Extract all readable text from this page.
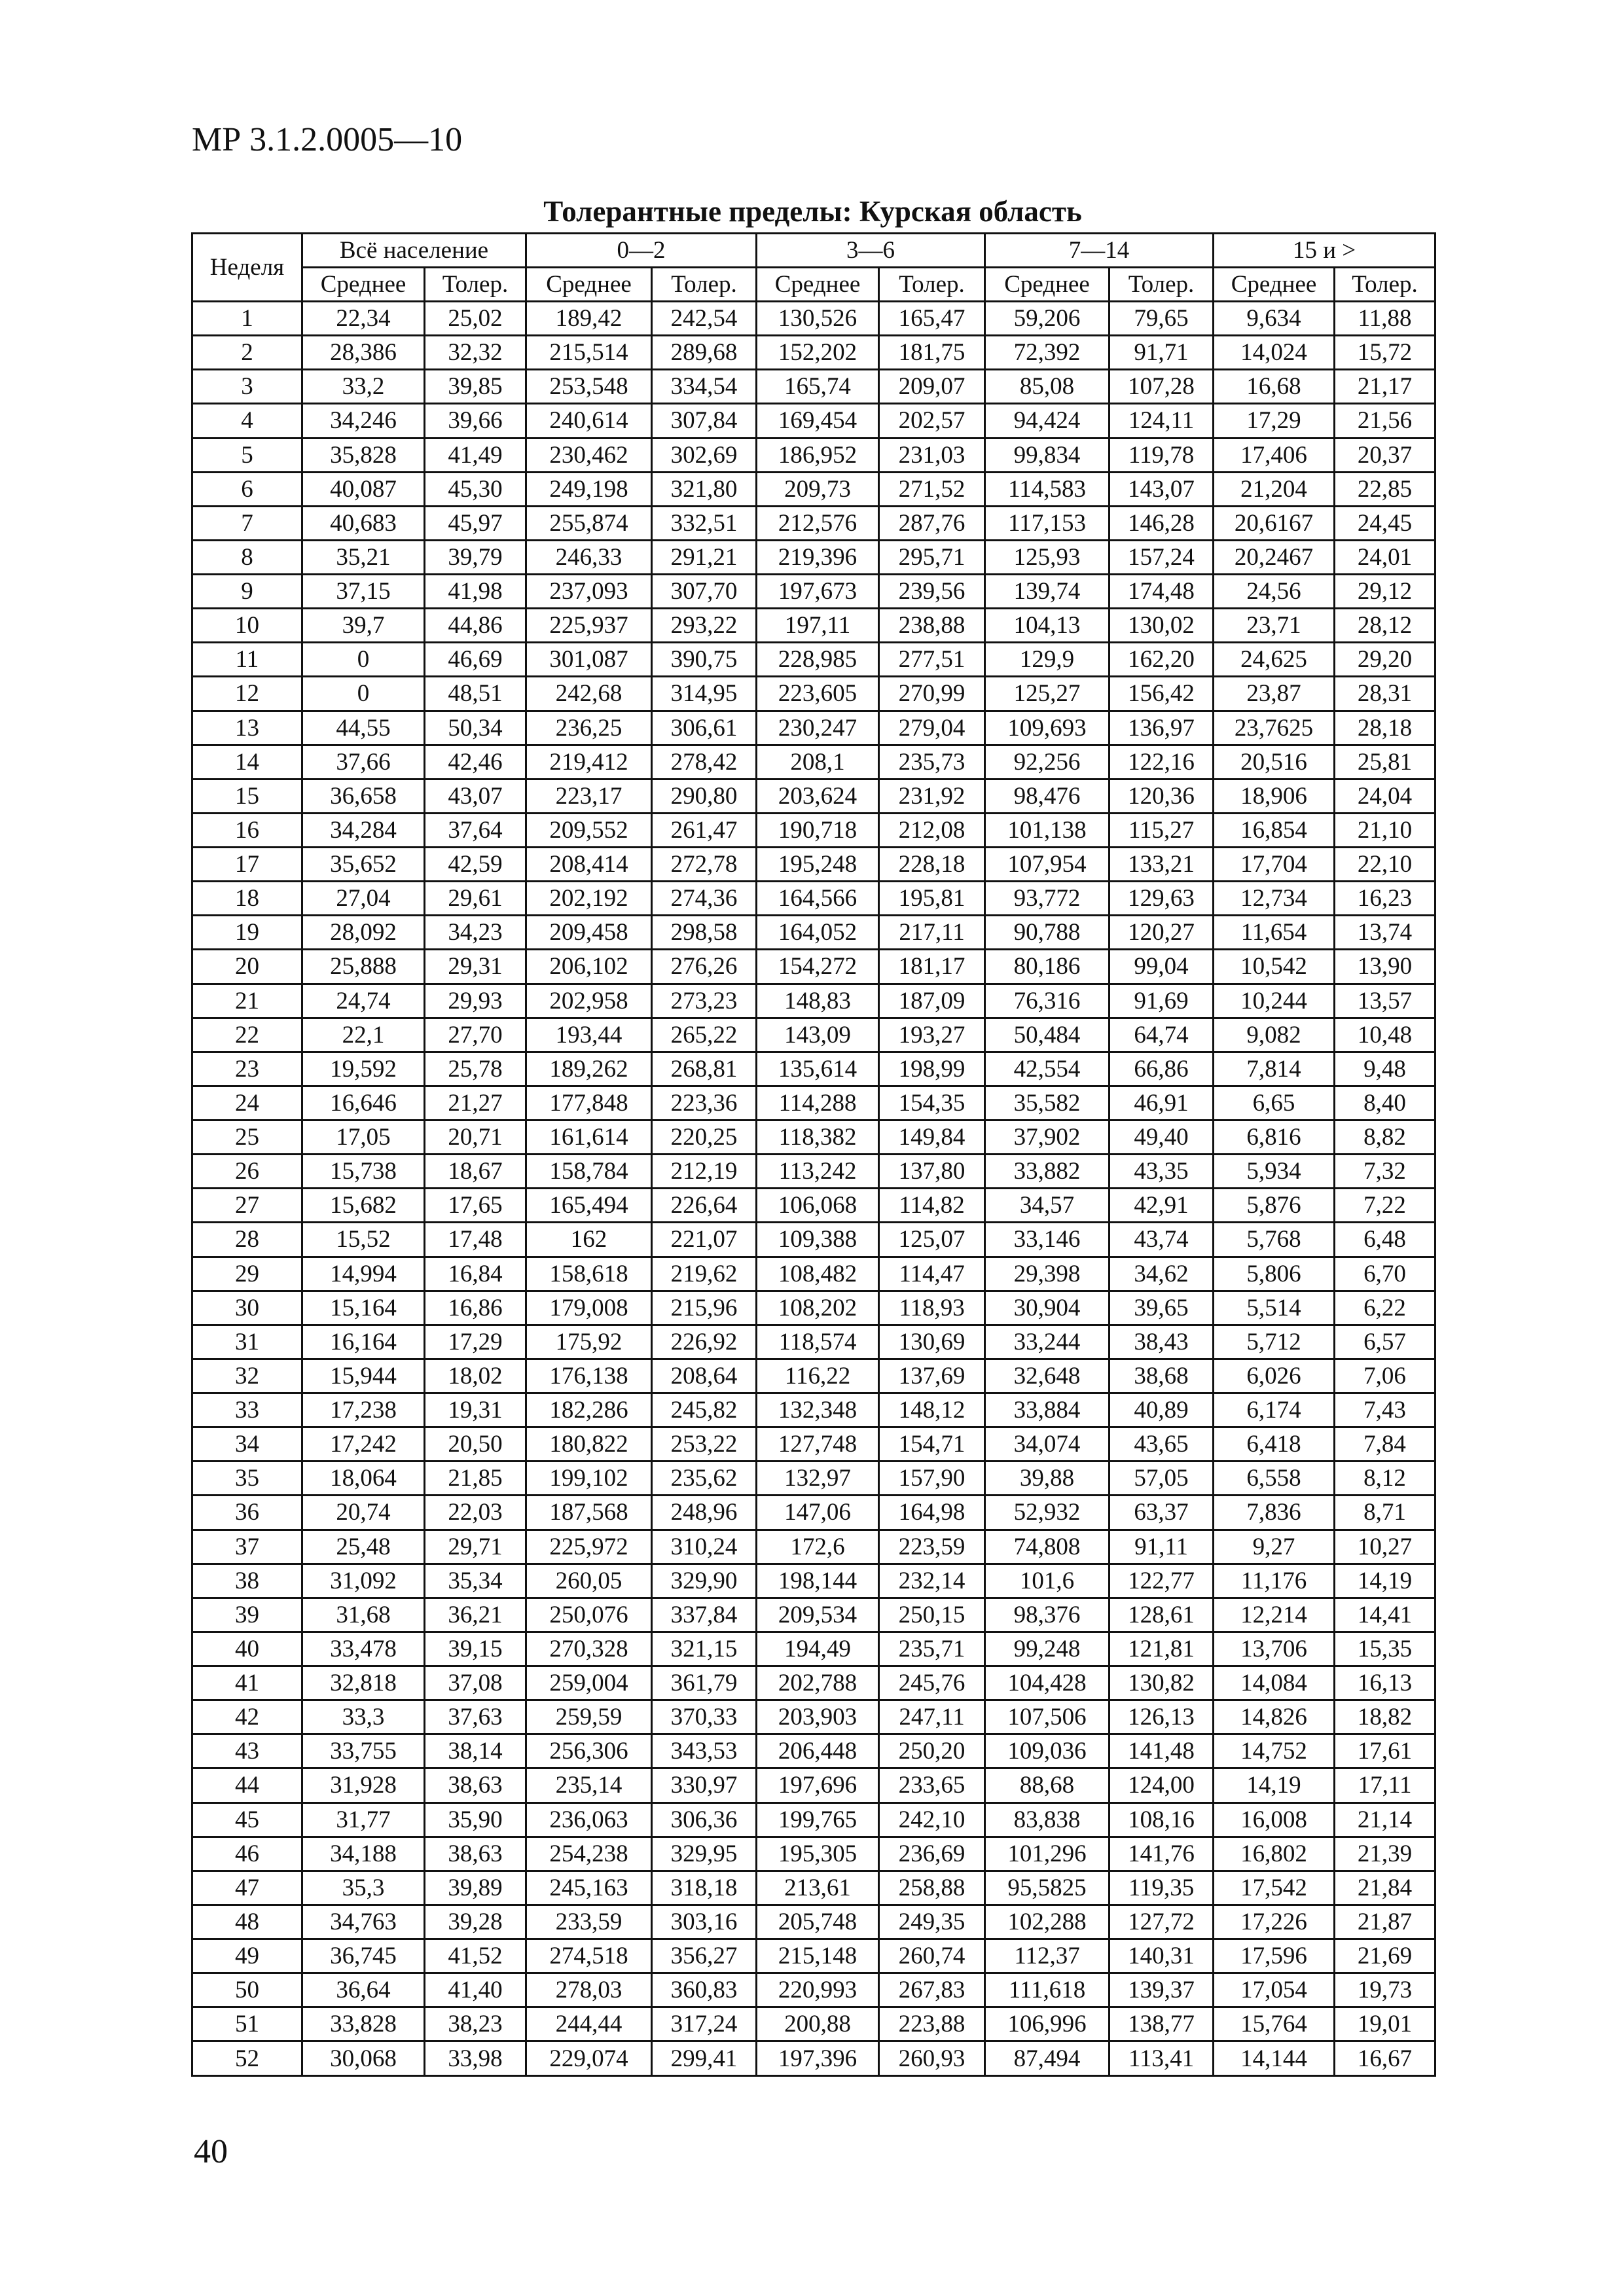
МР 3.1.2.0005—10
Толерантные пределы: Курская область
Неделя	Всё население		0—2		3—6		7—14		15 и >	
	Среднее	Толер.	Среднее	Толер.	Среднее	Толер.	Среднее	Толер.	Среднее	Толер.
1	22,34	25,02	189,42	242,54	130,526	165,47	59,206	79,65	9,634	11,88
2	28,386	32,32	215,514	289,68	152,202	181,75	72,392	91,71	14,024	15,72
3	33,2	39,85	253,548	334,54	165,74	209,07	85,08	107,28	16,68	21,17
4	34,246	39,66	240,614	307,84	169,454	202,57	94,424	124,11	17,29	21,56
5	35,828	41,49	230,462	302,69	186,952	231,03	99,834	119,78	17,406	20,37
6	40,087	45,30	249,198	321,80	209,73	271,52	114,583	143,07	21,204	22,85
7	40,683	45,97	255,874	332,51	212,576	287,76	117,153	146,28	20,6167	24,45
8	35,21	39,79	246,33	291,21	219,396	295,71	125,93	157,24	20,2467	24,01
9	37,15	41,98	237,093	307,70	197,673	239,56	139,74	174,48	24,56	29,12
10	39,7	44,86	225,937	293,22	197,11	238,88	104,13	130,02	23,71	28,12
11	0	46,69	301,087	390,75	228,985	277,51	129,9	162,20	24,625	29,20
12	0	48,51	242,68	314,95	223,605	270,99	125,27	156,42	23,87	28,31
13	44,55	50,34	236,25	306,61	230,247	279,04	109,693	136,97	23,7625	28,18
14	37,66	42,46	219,412	278,42	208,1	235,73	92,256	122,16	20,516	25,81
15	36,658	43,07	223,17	290,80	203,624	231,92	98,476	120,36	18,906	24,04
16	34,284	37,64	209,552	261,47	190,718	212,08	101,138	115,27	16,854	21,10
17	35,652	42,59	208,414	272,78	195,248	228,18	107,954	133,21	17,704	22,10
18	27,04	29,61	202,192	274,36	164,566	195,81	93,772	129,63	12,734	16,23
19	28,092	34,23	209,458	298,58	164,052	217,11	90,788	120,27	11,654	13,74
20	25,888	29,31	206,102	276,26	154,272	181,17	80,186	99,04	10,542	13,90
21	24,74	29,93	202,958	273,23	148,83	187,09	76,316	91,69	10,244	13,57
22	22,1	27,70	193,44	265,22	143,09	193,27	50,484	64,74	9,082	10,48
23	19,592	25,78	189,262	268,81	135,614	198,99	42,554	66,86	7,814	9,48
24	16,646	21,27	177,848	223,36	114,288	154,35	35,582	46,91	6,65	8,40
25	17,05	20,71	161,614	220,25	118,382	149,84	37,902	49,40	6,816	8,82
26	15,738	18,67	158,784	212,19	113,242	137,80	33,882	43,35	5,934	7,32
27	15,682	17,65	165,494	226,64	106,068	114,82	34,57	42,91	5,876	7,22
28	15,52	17,48	162	221,07	109,388	125,07	33,146	43,74	5,768	6,48
29	14,994	16,84	158,618	219,62	108,482	114,47	29,398	34,62	5,806	6,70
30	15,164	16,86	179,008	215,96	108,202	118,93	30,904	39,65	5,514	6,22
31	16,164	17,29	175,92	226,92	118,574	130,69	33,244	38,43	5,712	6,57
32	15,944	18,02	176,138	208,64	116,22	137,69	32,648	38,68	6,026	7,06
33	17,238	19,31	182,286	245,82	132,348	148,12	33,884	40,89	6,174	7,43
34	17,242	20,50	180,822	253,22	127,748	154,71	34,074	43,65	6,418	7,84
35	18,064	21,85	199,102	235,62	132,97	157,90	39,88	57,05	6,558	8,12
36	20,74	22,03	187,568	248,96	147,06	164,98	52,932	63,37	7,836	8,71
37	25,48	29,71	225,972	310,24	172,6	223,59	74,808	91,11	9,27	10,27
38	31,092	35,34	260,05	329,90	198,144	232,14	101,6	122,77	11,176	14,19
39	31,68	36,21	250,076	337,84	209,534	250,15	98,376	128,61	12,214	14,41
40	33,478	39,15	270,328	321,15	194,49	235,71	99,248	121,81	13,706	15,35
41	32,818	37,08	259,004	361,79	202,788	245,76	104,428	130,82	14,084	16,13
42	33,3	37,63	259,59	370,33	203,903	247,11	107,506	126,13	14,826	18,82
43	33,755	38,14	256,306	343,53	206,448	250,20	109,036	141,48	14,752	17,61
44	31,928	38,63	235,14	330,97	197,696	233,65	88,68	124,00	14,19	17,11
45	31,77	35,90	236,063	306,36	199,765	242,10	83,838	108,16	16,008	21,14
46	34,188	38,63	254,238	329,95	195,305	236,69	101,296	141,76	16,802	21,39
47	35,3	39,89	245,163	318,18	213,61	258,88	95,5825	119,35	17,542	21,84
48	34,763	39,28	233,59	303,16	205,748	249,35	102,288	127,72	17,226	21,87
49	36,745	41,52	274,518	356,27	215,148	260,74	112,37	140,31	17,596	21,69
50	36,64	41,40	278,03	360,83	220,993	267,83	111,618	139,37	17,054	19,73
51	33,828	38,23	244,44	317,24	200,88	223,88	106,996	138,77	15,764	19,01
52	30,068	33,98	229,074	299,41	197,396	260,93	87,494	113,41	14,144	16,67
40
